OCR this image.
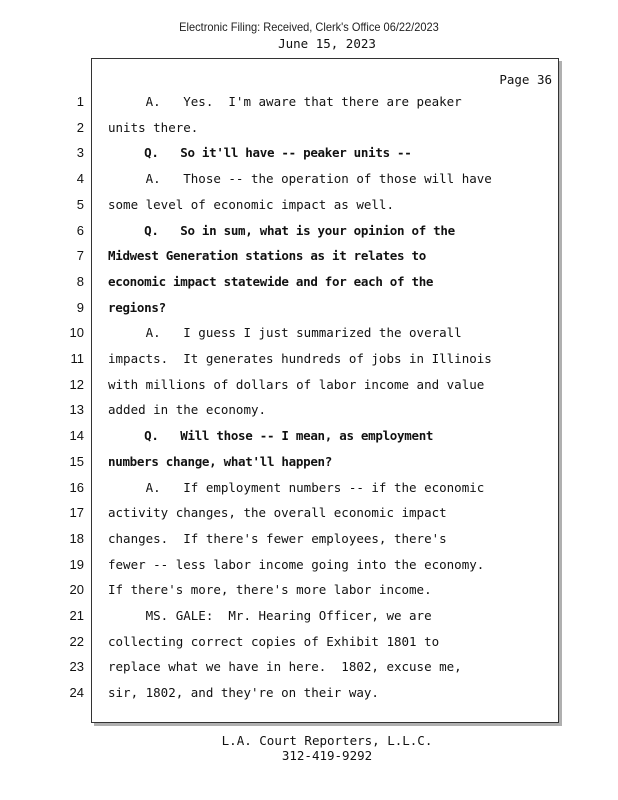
Electronic Filing: Received, Clerk's Office 06/22/2023
June 15, 2023
Page 36
1 A.   Yes.  I'm aware that there are peaker
2 units there.
3 Q.   So it'll have -- peaker units --
4 A.   Those -- the operation of those will have
5 some level of economic impact as well.
6 Q.   So in sum, what is your opinion of the
7 Midwest Generation stations as it relates to
8 economic impact statewide and for each of the
9 regions?
10 A.   I guess I just summarized the overall
11 impacts.  It generates hundreds of jobs in Illinois
12 with millions of dollars of labor income and value
13 added in the economy.
14 Q.   Will those -- I mean, as employment
15 numbers change, what'll happen?
16 A.   If employment numbers -- if the economic
17 activity changes, the overall economic impact
18 changes.  If there's fewer employees, there's
19 fewer -- less labor income going into the economy.
20 If there's more, there's more labor income.
21 MS. GALE:  Mr. Hearing Officer, we are
22 collecting correct copies of Exhibit 1801 to
23 replace what we have in here.  1802, excuse me,
24 sir, 1802, and they're on their way.
L.A. Court Reporters, L.L.C.
312-419-9292
